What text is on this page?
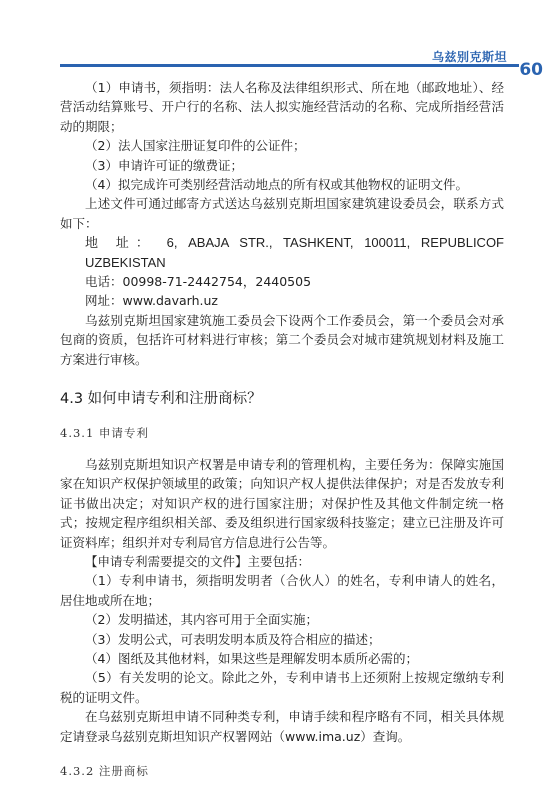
乌兹别克斯坦
60

（1）申请书，须指明：法人名称及法律组织形式、所在地（邮政地址）、经营活动结算账号、开户行的名称、法人拟实施经营活动的名称、完成所指经营活动的期限；

（2）法人国家注册证复印件的公证件；

（3）申请许可证的缴费证；

（4）拟完成许可类别经营活动地点的所有权或其他物权的证明文件。

上述文件可通过邮寄方式送达乌兹别克斯坦国家建筑建设委员会，联系方式如下：

地 址： 6, ABAJA STR., TASHKENT, 100011, REPUBLICOF UZBEKISTAN

电话：00998-71-2442754，2440505

网址：www.davarh.uz

乌兹别克斯坦国家建筑施工委员会下设两个工作委员会，第一个委员会对承包商的资质，包括许可材料进行审核；第二个委员会对城市建筑规划材料及施工方案进行审核。

4.3 如何申请专利和注册商标？
4.3.1 申请专利

乌兹别克斯坦知识产权署是申请专利的管理机构，主要任务为：保障实施国家在知识产权保护领域里的政策；向知识产权人提供法律保护；对是否发放专利证书做出决定；对知识产权的进行国家注册；对保护性及其他文件制定统一格式；按规定程序组织相关部、委及组织进行国家级科技鉴定；建立已注册及许可证资料库；组织并对专利局官方信息进行公告等。

【申请专利需要提交的文件】主要包括：

（1）专利申请书，须指明发明者（合伙人）的姓名，专利申请人的姓名，居住地或所在地；

（2）发明描述，其内容可用于全面实施；

（3）发明公式，可表明发明本质及符合相应的描述；

（4）图纸及其他材料，如果这些是理解发明本质所必需的；

（5）有关发明的论文。除此之外，专利申请书上还须附上按规定缴纳专利税的证明文件。

在乌兹别克斯坦申请不同种类专利，申请手续和程序略有不同，相关具体规定请登录乌兹别克斯坦知识产权署网站（www.ima.uz）查询。

4.3.2 注册商标
